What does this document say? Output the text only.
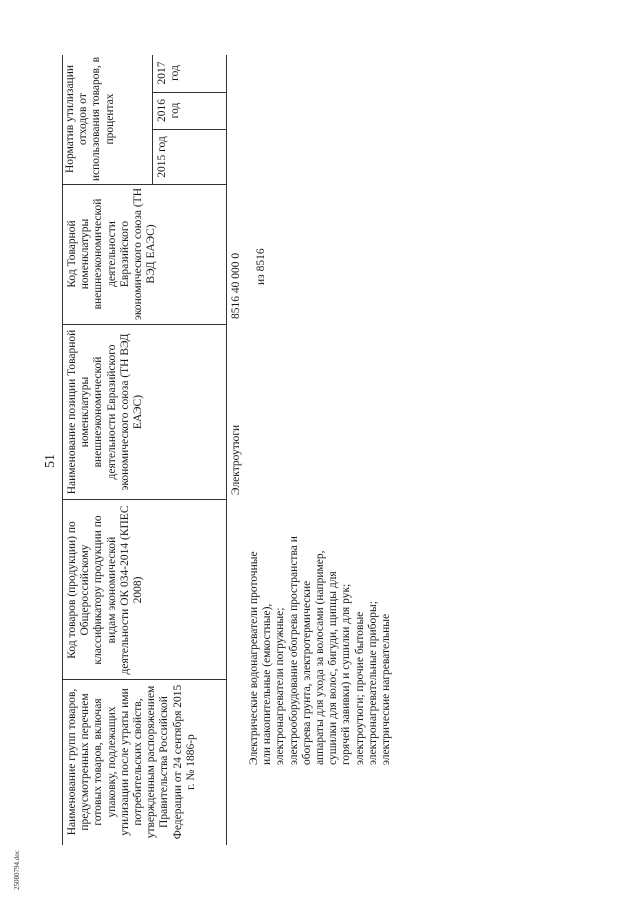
51
Наименование групп товаров, предусмотренных перечнем готовых товаров, включая упаковку, подлежащих утилизации после утраты ими потребительских свойств, утвержденным распоряжением Правительства Российской Федерации от 24 сентября 2015 г. № 1886-р
Код товаров (продукции) по Общероссийскому классификатору продукции по видам экономической деятельности ОК 034-2014 (КПЕС 2008)
Наименование позиции Товарной номенклатуры внешнеэкономической деятельности Евразийского экономического союза (ТН ВЭД ЕАЭС)
Код Товарной номенклатуры внешнеэкономической деятельности Евразийского экономического союза (ТН ВЭД ЕАЭС)
Норматив утилизации отходов от использования товаров, в процентах
2015 год
2016 год
2017 год
Электроутюги
8516 40 000 0
Электрические водонагреватели проточные или накопительные (емкостные), электронагреватели погружные; электрооборудование обогрева пространства и обогрева грунта, электротермические аппараты для ухода за волосами (например, сушилки для волос, бигуди, щипцы для горячей завивки) и сушилки для рук; электроутюги; прочие бытовые электронагревательные приборы; электрические нагревательные
из 8516
25080794.doc
